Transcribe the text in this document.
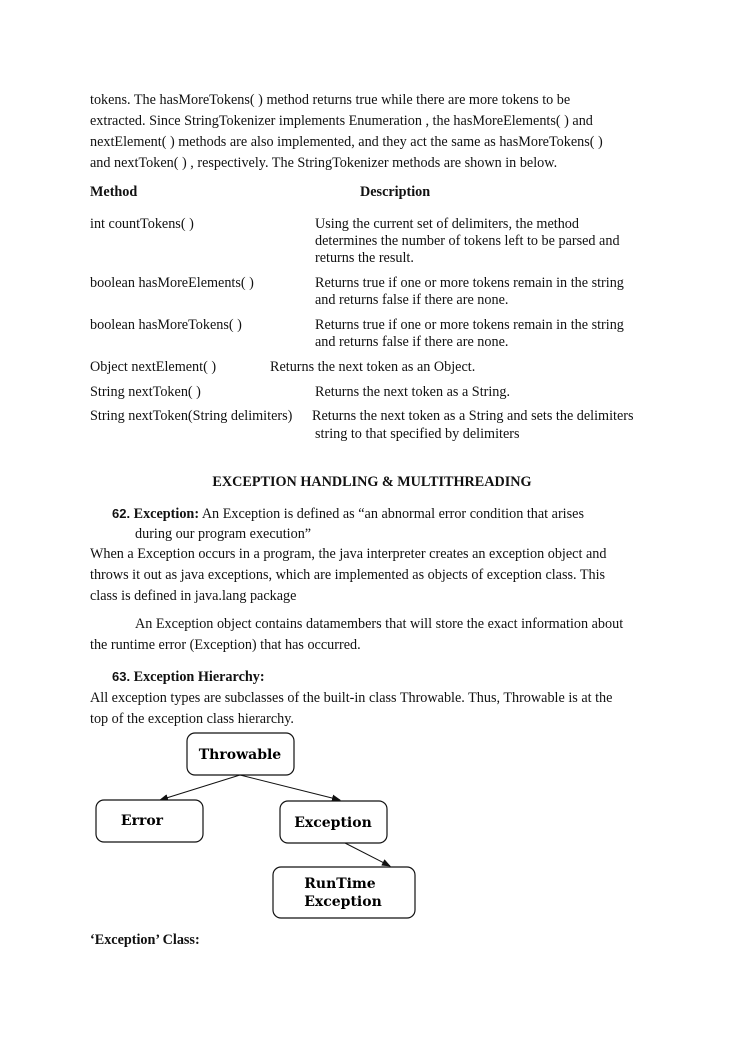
tokens. The hasMoreTokens( ) method returns true while there are more tokens to be
extracted. Since StringTokenizer implements Enumeration , the hasMoreElements( ) and
nextElement( ) methods are also implemented, and they act the same as hasMoreTokens( )
and nextToken( ) , respectively. The StringTokenizer methods are shown in below.
Method	Description
int countTokens( )	Using the current set of delimiters, the method
determines the number of tokens left to be parsed and
returns the result.
boolean hasMoreElements( )	Returns true if one or more tokens remain in the string
and returns false if there are none.
boolean hasMoreTokens( )	Returns true if one or more tokens remain in the string
and returns false if there are none.
Object nextElement( )	Returns the next token as an Object.
String nextToken( )	Returns the next token as a String.
String nextToken(String delimiters) Returns the next token as a String and sets the delimiters
string to that specified by delimiters
EXCEPTION HANDLING & MULTITHREADING
62. Exception: An Exception is defined as “an abnormal error condition that arises
during our program execution”
When a Exception occurs in a program, the java interpreter creates an exception object and
throws it out as java exceptions, which are implemented as objects of exception class. This
class is defined in java.lang package
An Exception object contains datamembers that will store the exact information about
the runtime error (Exception) that has occurred.
63. Exception Hierarchy:
All exception types are subclasses of the built-in class Throwable. Thus, Throwable is at the
top of the exception class hierarchy.
Throwable
Error	Exception
RunTime
Exception
‘Exception’ Class:
